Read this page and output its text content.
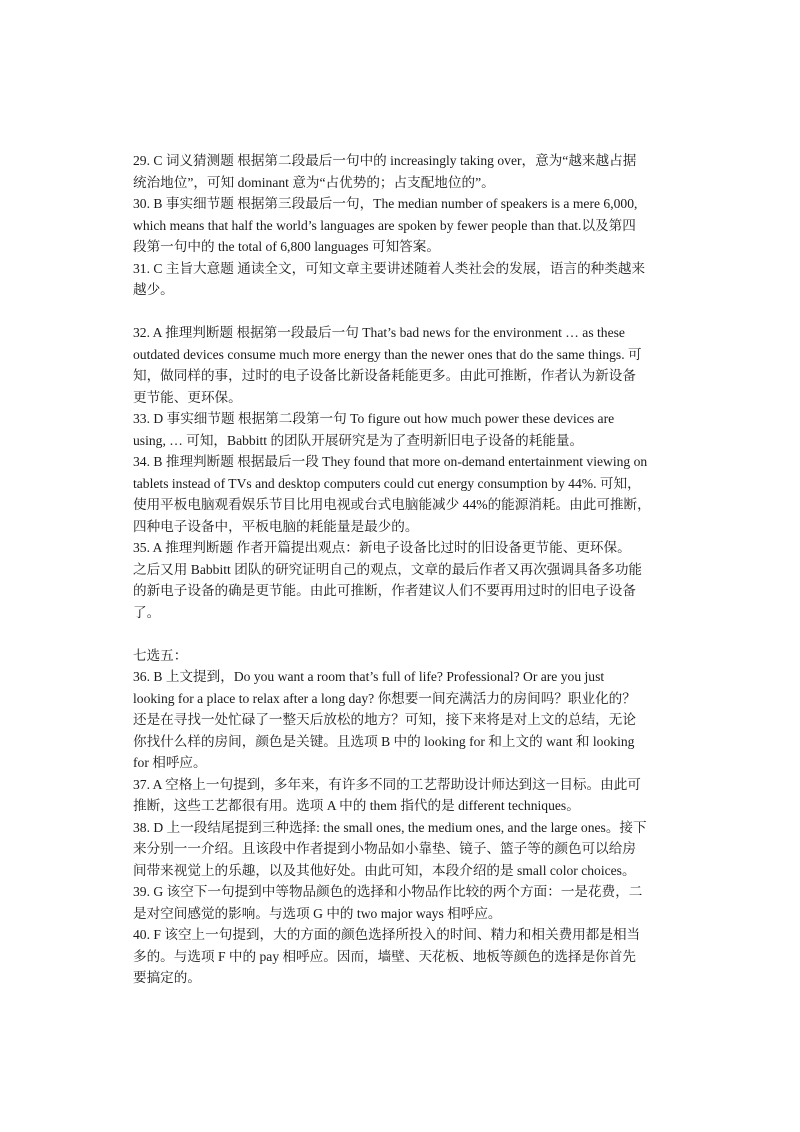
29. C 词义猜测题 根据第二段最后一句中的 increasingly taking over，意为“越来越占据
统治地位”，可知 dominant 意为“占优势的；占支配地位的”。
30. B 事实细节题 根据第三段最后一句，The median number of speakers is a mere 6,000,
which means that half the world’s languages are spoken by fewer people than that.以及第四
段第一句中的 the total of 6,800 languages 可知答案。
31. C 主旨大意题 通读全文，可知文章主要讲述随着人类社会的发展，语言的种类越来
越少。
32. A 推理判断题 根据第一段最后一句 That’s bad news for the environment … as these
outdated devices consume much more energy than the newer ones that do the same things. 可
知，做同样的事，过时的电子设备比新设备耗能更多。由此可推断，作者认为新设备
更节能、更环保。
33. D 事实细节题 根据第二段第一句 To figure out how much power these devices are
using, … 可知，Babbitt 的团队开展研究是为了查明新旧电子设备的耗能量。
34. B 推理判断题 根据最后一段 They found that more on-demand entertainment viewing on
tablets instead of TVs and desktop computers could cut energy consumption by 44%. 可知，
使用平板电脑观看娱乐节目比用电视或台式电脑能减少 44%的能源消耗。由此可推断，
四种电子设备中，平板电脑的耗能量是最少的。
35. A 推理判断题 作者开篇提出观点：新电子设备比过时的旧设备更节能、更环保。
之后又用 Babbitt 团队的研究证明自己的观点，文章的最后作者又再次强调具备多功能
的新电子设备的确是更节能。由此可推断，作者建议人们不要再用过时的旧电子设备
了。
七选五：
36. B 上文提到，Do you want a room that’s full of life? Professional? Or are you just
looking for a place to relax after a long day? 你想要一间充满活力的房间吗？职业化的？
还是在寻找一处忙碌了一整天后放松的地方？可知，接下来将是对上文的总结，无论
你找什么样的房间，颜色是关键。且选项 B 中的 looking for 和上文的 want 和 looking
for 相呼应。
37. A 空格上一句提到，多年来，有许多不同的工艺帮助设计师达到这一目标。由此可
推断，这些工艺都很有用。选项 A 中的 them 指代的是 different techniques。
38. D 上一段结尾提到三种选择: the small ones, the medium ones, and the large ones。接下
来分别一一介绍。且该段中作者提到小物品如小靠垫、镜子、篮子等的颜色可以给房
间带来视觉上的乐趣，以及其他好处。由此可知，本段介绍的是 small color choices。
39. G 该空下一句提到中等物品颜色的选择和小物品作比较的两个方面：一是花费，二
是对空间感觉的影响。与选项 G 中的 two major ways 相呼应。
40. F 该空上一句提到，大的方面的颜色选择所投入的时间、精力和相关费用都是相当
多的。与选项 F 中的 pay 相呼应。因而，墙壁、天花板、地板等颜色的选择是你首先
要搞定的。
